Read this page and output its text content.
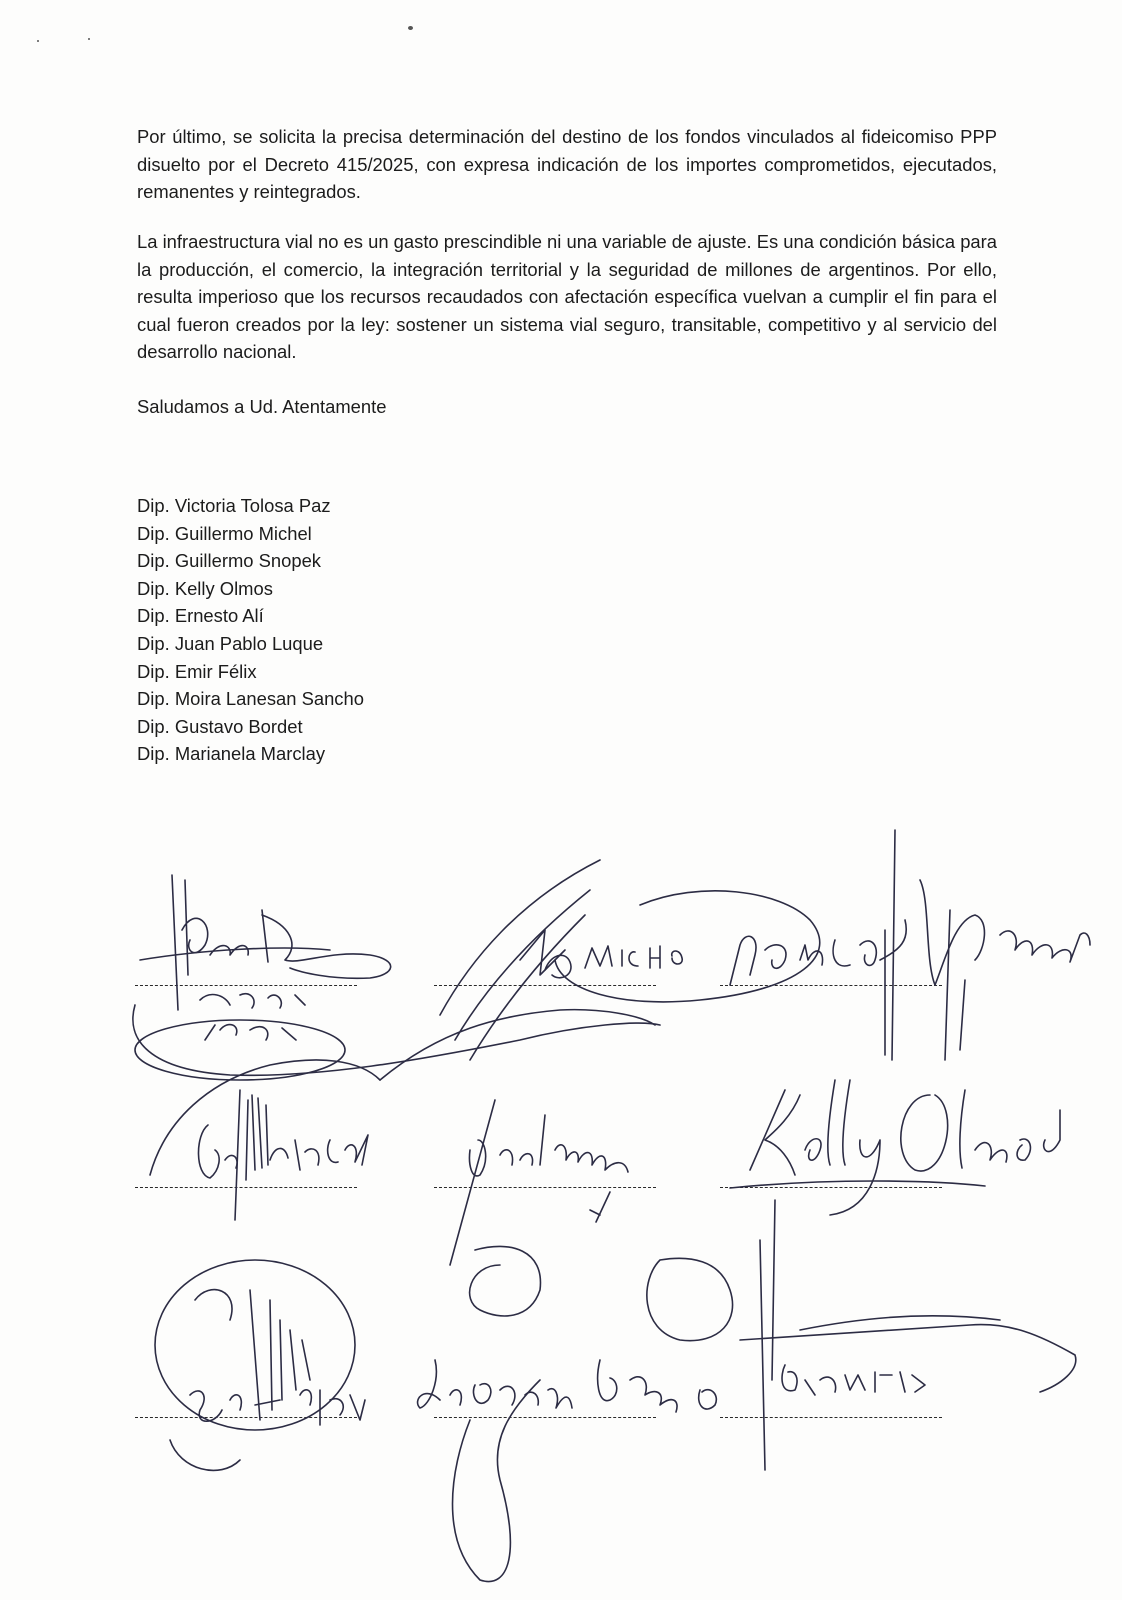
Por último, se solicita la precisa determinación del destino de los fondos vinculados al fideicomiso PPP disuelto por el Decreto 415/2025, con expresa indicación de los importes comprometidos, ejecutados, remanentes y reintegrados.

La infraestructura vial no es un gasto prescindible ni una variable de ajuste. Es una condición básica para la producción, el comercio, la integración territorial y la seguridad de millones de argentinos. Por ello, resulta imperioso que los recursos recaudados con afectación específica vuelvan a cumplir el fin para el cual fueron creados por la ley: sostener un sistema vial seguro, transitable, competitivo y al servicio del desarrollo nacional.

Saludamos a Ud. Atentamente

Dip. Victoria Tolosa Paz
Dip. Guillermo Michel
Dip. Guillermo Snopek
Dip. Kelly Olmos
Dip. Ernesto Alí
Dip. Juan Pablo Luque
Dip. Emir Félix
Dip. Moira Lanesan Sancho
Dip. Gustavo Bordet
Dip. Marianela Marclay
